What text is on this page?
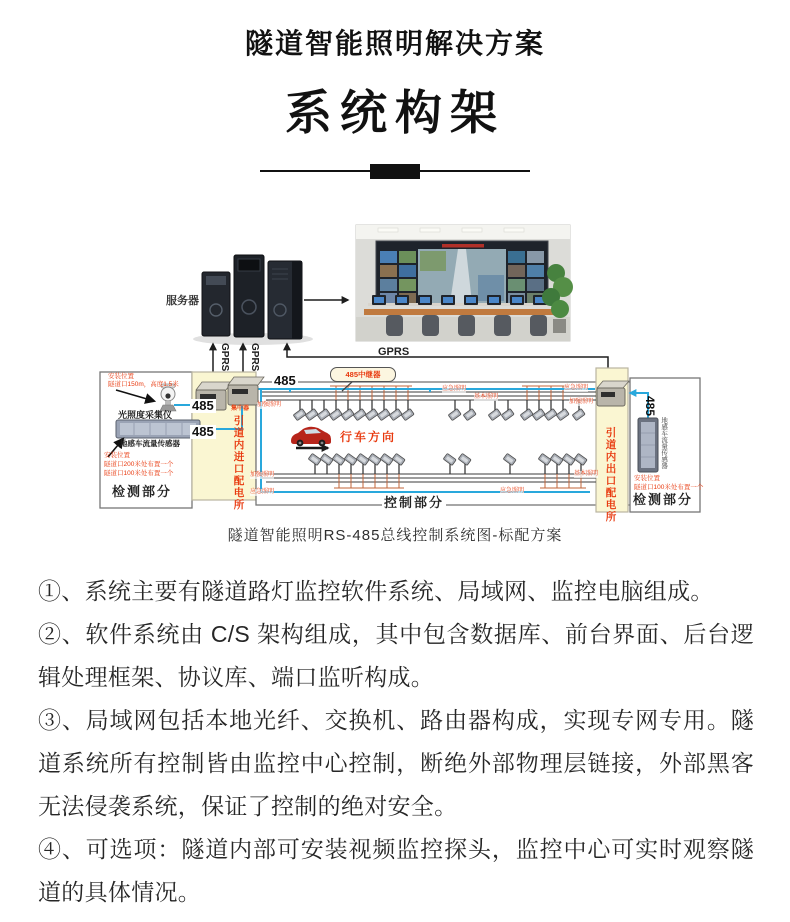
隧道智能照明解决方案
系统构架
服务器
GPRS GPRS	GPRS
安装位置
隧道口150m，高度1.5米
光照度采集仪
地感车流量传感器
安装位置
隧道口200米处布置一个
隧道口100米处布置一个
检测部分
485
485
485
引道内进口配电所
集中器
485中继器
行车方向
加强照明
应急照明
基本照明
应急照明
加强照明
加强照明
应急照明
基本照明
应急照明
控制部分	引道内出口配电所
485
地感车流量传感器
安装位置
隧道口100米处布置一个
检测部分
隧道智能照明RS-485总线控制系统图-标配方案

①、系统主要有隧道路灯监控软件系统、局域网、监控电脑组成。

②、软件系统由 C/S 架构组成，其中包含数据库、前台界面、后台逻辑处理框架、协议库、端口监听构成。

③、局域网包括本地光纤、交换机、路由器构成，实现专网专用。隧道系统所有控制皆由监控中心控制，断绝外部物理层链接，外部黑客无法侵袭系统，保证了控制的绝对安全。

④、可选项：隧道内部可安装视频监控探头，监控中心可实时观察隧道的具体情况。
